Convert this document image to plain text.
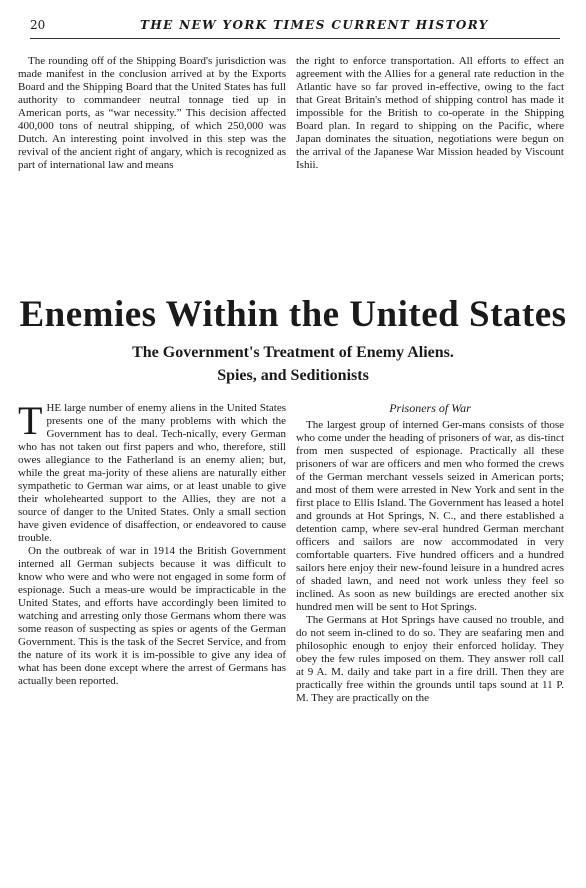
20	THE NEW YORK TIMES CURRENT HISTORY

The rounding off of the Shipping Board's jurisdiction was made manifest in the conclusion arrived at by the Exports Board and the Shipping Board that the United States has full authority to commandeer neutral tonnage tied up in American ports, as “war necessity.” This decision affected 400,000 tons of neutral shipping, of which 250,000 was Dutch. An interesting point involved in this step was the revival of the ancient right of angary, which is recognized as part of international law and means

the right to enforce transportation. All efforts to effect an agreement with the Allies for a general rate reduction in the Atlantic have so far proved in-effective, owing to the fact that Great Britain's method of shipping control has made it impossible for the British to co-operate in the Shipping Board plan. In regard to shipping on the Pacific, where Japan dominates the situation, negotiations were begun on the arrival of the Japanese War Mission headed by Viscount Ishii.

Enemies Within the United States
The Government's Treatment of Enemy Aliens.
Spies, and Seditionists

THE large number of enemy aliens in the United States presents one of the many problems with which the Government has to deal. Tech-nically, every German who has not taken out first papers and who, therefore, still owes allegiance to the Fatherland is an enemy alien; but, while the great ma-jority of these aliens are naturally either sympathetic to German war aims, or at least unable to give their wholehearted support to the Allies, they are not a source of danger to the United States. Only a small section have given evidence of disaffection, or endeavored to cause trouble.

On the outbreak of war in 1914 the British Government interned all German subjects because it was difficult to know who were and who were not engaged in some form of espionage. Such a meas-ure would be impracticable in the United States, and efforts have accordingly been limited to watching and arresting only those Germans whom there was some reason of suspecting as spies or agents of the German Government. This is the task of the Secret Service, and from the nature of its work it is im-possible to give any idea of what has been done except where the arrest of Germans has actually been reported.

Prisoners of War

The largest group of interned Ger-mans consists of those who come under the heading of prisoners of war, as dis-tinct from men suspected of espionage. Practically all these prisoners of war are officers and men who formed the crews of the German merchant vessels seized in American ports; and most of them were arrested in New York and sent in the first place to Ellis Island. The Government has leased a hotel and grounds at Hot Springs, N. C., and there established a detention camp, where sev-eral hundred German merchant officers and sailors are now accommodated in very comfortable quarters. Five hundred officers and a hundred sailors here enjoy their new-found leisure in a hundred acres of shaded lawn, and need not work unless they feel so inclined. As soon as new buildings are erected another six hundred men will be sent to Hot Springs.

The Germans at Hot Springs have caused no trouble, and do not seem in-clined to do so. They are seafaring men and philosophic enough to enjoy their enforced holiday. They obey the few rules imposed on them. They answer roll call at 9 A. M. daily and take part in a fire drill. Then they are practically free within the grounds until taps sound at 11 P. M. They are practically on the
